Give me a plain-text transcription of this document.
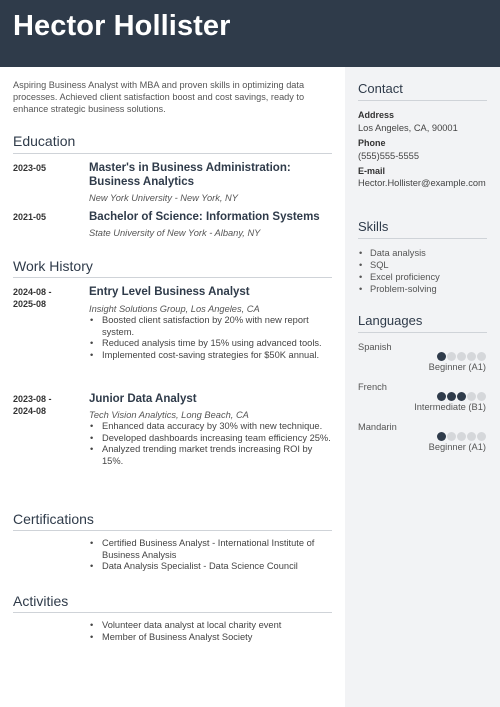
Hector Hollister
Aspiring Business Analyst with MBA and proven skills in optimizing data processes. Achieved client satisfaction boost and cost savings, ready to enhance strategic business solutions.
Education
2023-05	Master's in Business Administration: Business Analytics
New York University - New York, NY
2021-05	Bachelor of Science: Information Systems
State University of New York - Albany, NY
Work History
2024-08 - 2025-08
Entry Level Business Analyst
Insight Solutions Group, Los Angeles, CA
• Boosted client satisfaction by 20% with new report system.
• Reduced analysis time by 15% using advanced tools.
• Implemented cost-saving strategies for $50K annual.
2023-08 - 2024-08
Junior Data Analyst
Tech Vision Analytics, Long Beach, CA
• Enhanced data accuracy by 30% with new technique.
• Developed dashboards increasing team efficiency 25%.
• Analyzed trending market trends increasing ROI by 15%.
Certifications
• Certified Business Analyst - International Institute of Business Analysis
• Data Analysis Specialist - Data Science Council
Activities
• Volunteer data analyst at local charity event
• Member of Business Analyst Society
Contact
Address
Los Angeles, CA, 90001
Phone
(555)555-5555
E-mail
Hector.Hollister@example.com
Skills
• Data analysis
• SQL
• Excel proficiency
• Problem-solving
Languages
Spanish
Beginner (A1)
French
Intermediate (B1)
Mandarin
Beginner (A1)
